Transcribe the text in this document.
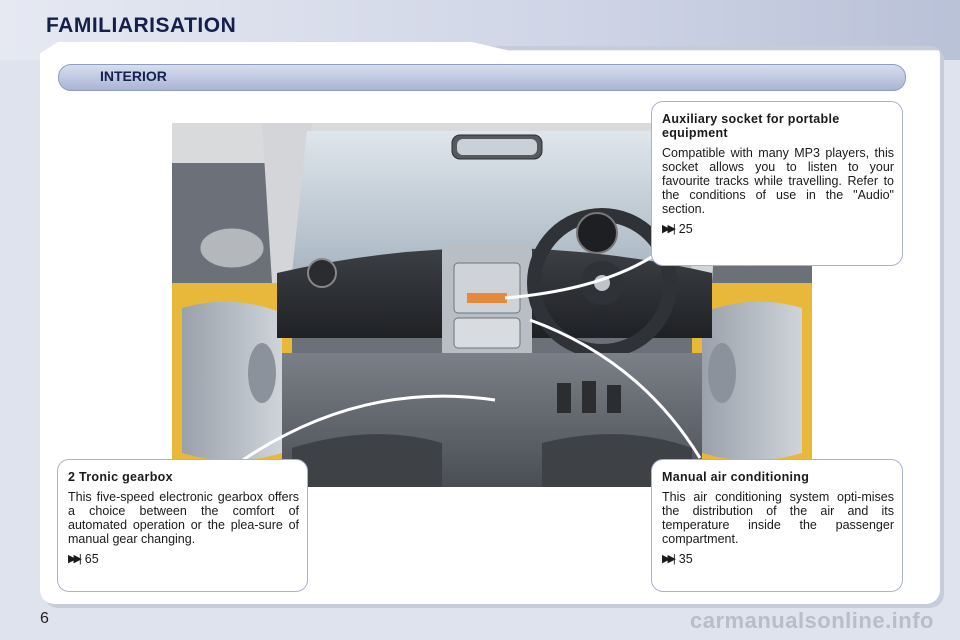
FAMILIARISATION
INTERIOR
Auxiliary socket for portable equipment

Compatible with many MP3 players, this socket allows you to listen to your favourite tracks while travelling. Refer to the conditions of use in the "Audio" section.

▶▶| 25
2 Tronic gearbox

This five-speed electronic gearbox offers a choice between the comfort of automated operation or the plea-sure of manual gear changing.

▶▶| 65
Manual air conditioning

This air conditioning system opti-mises the distribution of the air and its temperature inside the passenger compartment.

▶▶| 35

6	carmanualsonline.info
